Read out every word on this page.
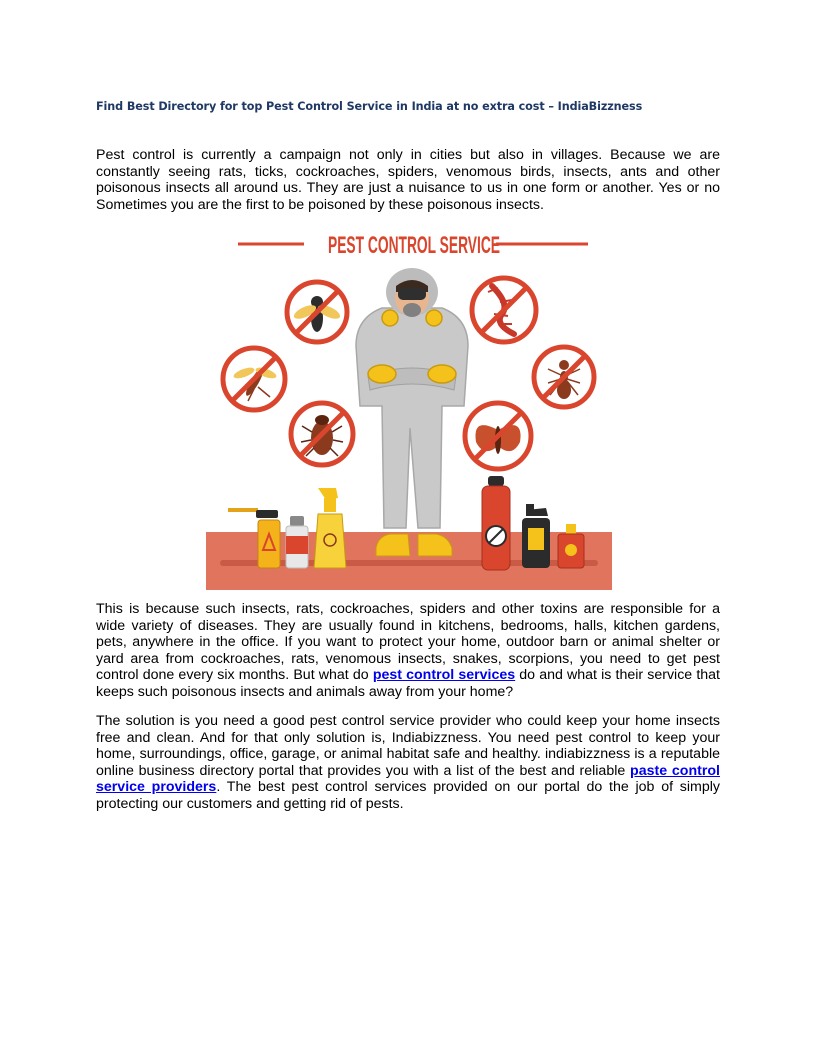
Find Best Directory for top Pest Control Service in India at no extra cost – IndiaBizzness

Pest control is currently a campaign not only in cities but also in villages. Because we are constantly seeing rats, ticks, cockroaches, spiders, venomous birds, insects, ants and other poisonous insects all around us. They are just a nuisance to us in one form or another. Yes or no Sometimes you are the first to be poisoned by these poisonous insects.

PEST CONTROL SERVICE

This is because such insects, rats, cockroaches, spiders and other toxins are responsible for a wide variety of diseases. They are usually found in kitchens, bedrooms, halls, kitchen gardens, pets, anywhere in the office. If you want to protect your home, outdoor barn or animal shelter or yard area from cockroaches, rats, venomous insects, snakes, scorpions, you need to get pest control done every six months. But what do pest control services do and what is their service that keeps such poisonous insects and animals away from your home?

The solution is you need a good pest control service provider who could keep your home insects free and clean. And for that only solution is, Indiabizzness. You need pest control to keep your home, surroundings, office, garage, or animal habitat safe and healthy. indiabizzness is a reputable online business directory portal that provides you with a list of the best and reliable paste control service providers. The best pest control services provided on our portal do the job of simply protecting our customers and getting rid of pests.
